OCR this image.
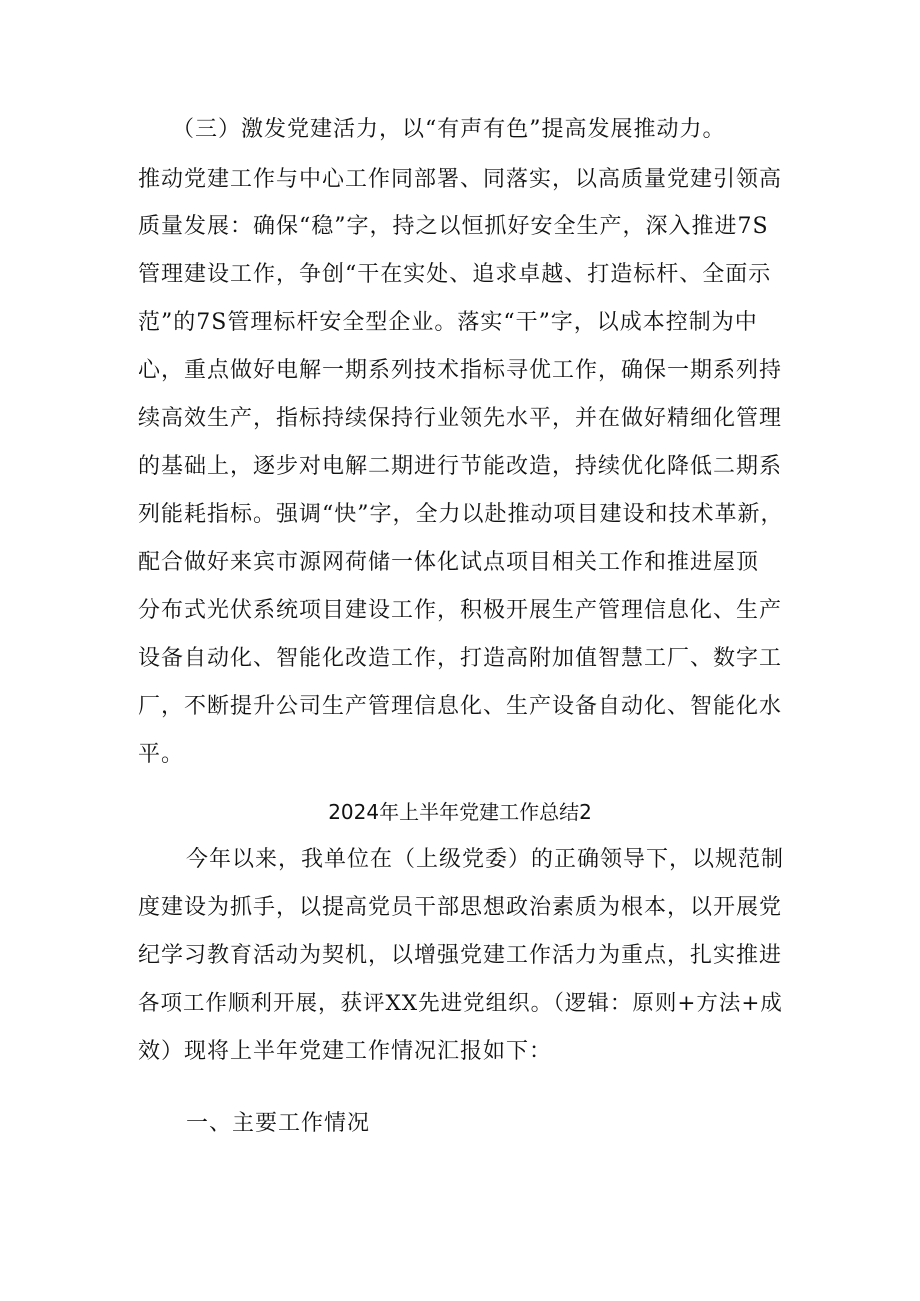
（三）激发党建活力，以“有声有色”提高发展推动力。
推动党建工作与中心工作同部署、同落实，以高质量党建引领高
质量发展：确保“稳”字，持之以恒抓好安全生产，深入推进7S
管理建设工作，争创“干在实处、追求卓越、打造标杆、全面示
范”的7S管理标杆安全型企业。落实“干”字，以成本控制为中
心，重点做好电解一期系列技术指标寻优工作，确保一期系列持
续高效生产，指标持续保持行业领先水平，并在做好精细化管理
的基础上，逐步对电解二期进行节能改造，持续优化降低二期系
列能耗指标。强调“快”字，全力以赴推动项目建设和技术革新，
配合做好来宾市源网荷储一体化试点项目相关工作和推进屋顶
分布式光伏系统项目建设工作，积极开展生产管理信息化、生产
设备自动化、智能化改造工作，打造高附加值智慧工厂、数字工
厂，不断提升公司生产管理信息化、生产设备自动化、智能化水
平。
2024年上半年党建工作总结2
今年以来，我单位在（上级党委）的正确领导下，以规范制
度建设为抓手，以提高党员干部思想政治素质为根本，以开展党
纪学习教育活动为契机，以增强党建工作活力为重点，扎实推进
各项工作顺利开展，获评XX先进党组织。（逻辑：原则+方法+成
效）现将上半年党建工作情况汇报如下：
一、主要工作情况
